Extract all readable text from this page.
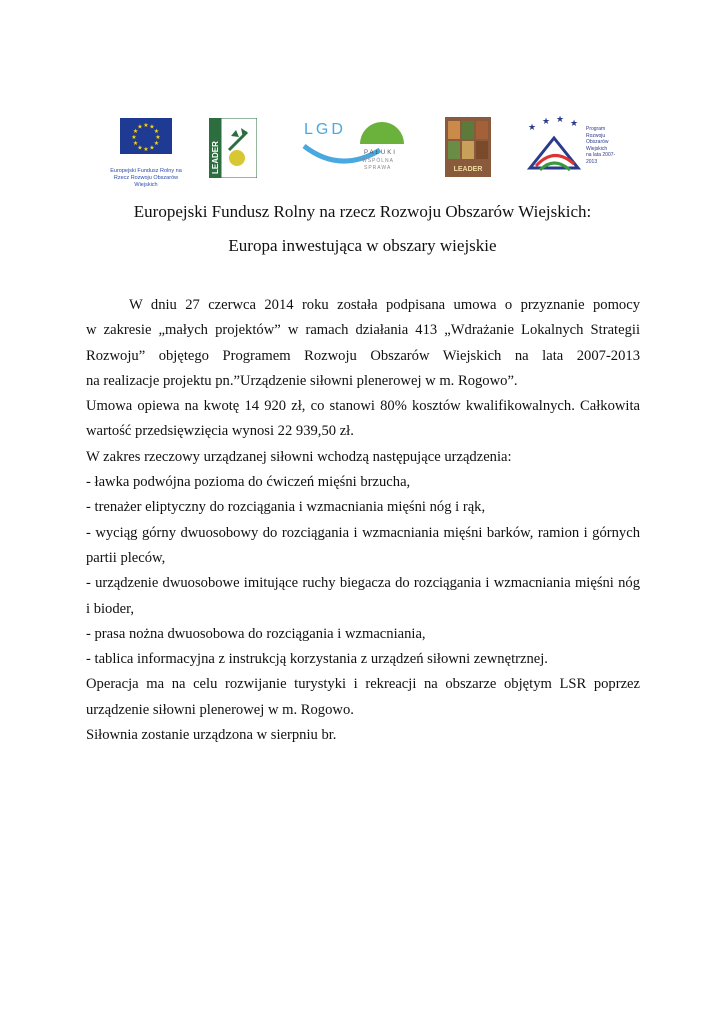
★ ★
★
★
★
★
★
★
★
★
★
★
Europejski Fundusz Rolny na Rzecz Rozwoju Obszarów Wiejskich
LEADER
LGD
PAŁUKI
WSPÓLNA
SPRAWA	LEADER
★
★ ★ ★ Program Rozwoju Obszarów Wiejskich
na lata 2007-2013
Europejski Fundusz Rolny na rzecz Rozwoju Obszarów Wiejskich:
Europa inwestująca w obszary wiejskie

W dniu 27 czerwca 2014 roku została podpisana umowa o przyznanie pomocy

w zakresie „małych projektów” w ramach działania 413 „Wdrażanie Lokalnych Strategii

Rozwoju” objętego Programem Rozwoju Obszarów Wiejskich na lata 2007-2013

na realizacje projektu pn.”Urządzenie siłowni plenerowej w m. Rogowo”.

Umowa opiewa na kwotę 14 920 zł, co stanowi 80% kosztów kwalifikowalnych. Całkowita

wartość przedsięwzięcia wynosi 22 939,50 zł.

W zakres rzeczowy urządzanej siłowni wchodzą następujące urządzenia:

- ławka podwójna pozioma do ćwiczeń mięśni brzucha,

- trenażer eliptyczny do rozciągania i wzmacniania mięśni nóg i rąk,

- wyciąg górny dwuosobowy do rozciągania i wzmacniania mięśni barków, ramion i górnych

partii pleców,

- urządzenie dwuosobowe imitujące ruchy biegacza do rozciągania i wzmacniania mięśni nóg

i bioder,

- prasa nożna dwuosobowa do rozciągania i wzmacniania,

- tablica informacyjna z instrukcją korzystania z urządzeń siłowni zewnętrznej.

Operacja ma na celu rozwijanie turystyki i rekreacji na obszarze objętym LSR poprzez

urządzenie siłowni plenerowej w m. Rogowo.

Siłownia zostanie urządzona w sierpniu br.
